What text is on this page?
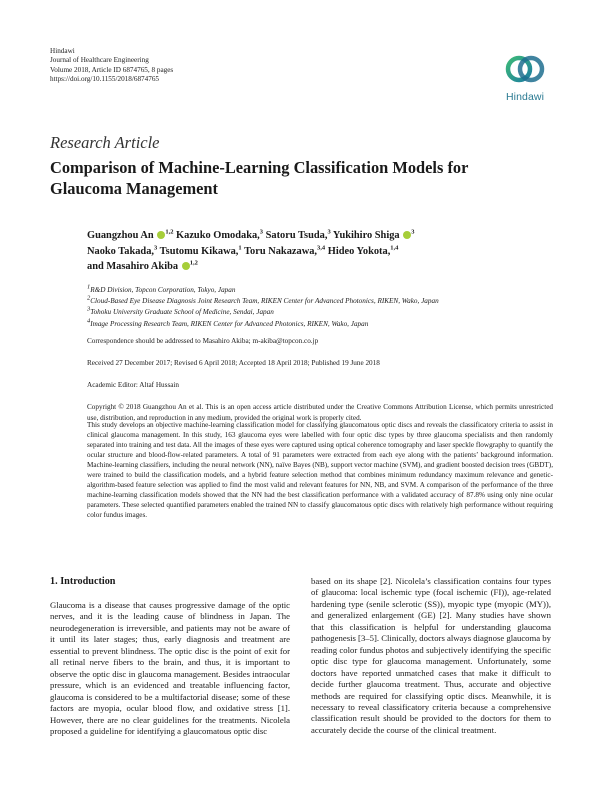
Hindawi
Journal of Healthcare Engineering
Volume 2018, Article ID 6874765, 8 pages
https://doi.org/10.1155/2018/6874765
Hindawi
Research Article
Comparison of Machine-Learning Classification Models for
Glaucoma Management
Guangzhou An $^{1,2}$ Kazuko Omodaka,$^3$ Satoru Tsuda,$^3$ Yukihiro Shiga $^3$
Naoko Takada,$^3$ Tsutomu Kikawa,$^1$ Toru Nakazawa,$^{3,4}$ Hideo Yokota,$^{1,4}$
and Masahiro Akiba $^{1,2}$
$^1$R&D Division, Topcon Corporation, Tokyo, Japan
$^2$Cloud-Based Eye Disease Diagnosis Joint Research Team, RIKEN Center for Advanced Photonics, RIKEN, Wako, Japan
$^3$Tohoku University Graduate School of Medicine, Sendai, Japan
$^4$Image Processing Research Team, RIKEN Center for Advanced Photonics, RIKEN, Wako, Japan
Correspondence should be addressed to Masahiro Akiba; m-akiba@topcon.co.jp
Received 27 December 2017; Revised 6 April 2018; Accepted 18 April 2018; Published 19 June 2018
Academic Editor: Altaf Hussain
Copyright © 2018 Guangzhou An et al. This is an open access article distributed under the Creative Commons Attribution License, which permits unrestricted use, distribution, and reproduction in any medium, provided the original work is properly cited.
This study develops an objective machine-learning classification model for classifying glaucomatous optic discs and reveals the classificatory criteria to assist in clinical glaucoma management. In this study, 163 glaucoma eyes were labelled with four optic disc types by three glaucoma specialists and then randomly separated into training and test data. All the images of these eyes were captured using optical coherence tomography and laser speckle flowgraphy to quantify the ocular structure and blood-flow-related parameters. A total of 91 parameters were extracted from each eye along with the patients’ background information. Machine-learning classifiers, including the neural network (NN), naïve Bayes (NB), support vector machine (SVM), and gradient boosted decision trees (GBDT), were trained to build the classification models, and a hybrid feature selection method that combines minimum redundancy maximum relevance and genetic-algorithm-based feature selection was applied to find the most valid and relevant features for NN, NB, and SVM. A comparison of the performance of the three machine-learning classification models showed that the NN had the best classification performance with a validated accuracy of 87.8% using only nine ocular parameters. These selected quantified parameters enabled the trained NN to classify glaucomatous optic discs with relatively high performance without requiring color fundus images.
1. Introduction
Glaucoma is a disease that causes progressive damage of the optic nerves, and it is the leading cause of blindness in Japan. The neurodegeneration is irreversible, and patients may not be aware of it until its later stages; thus, early diagnosis and treatment are essential to prevent blindness. The optic disc is the point of exit for all retinal nerve fibers to the brain, and thus, it is important to observe the optic disc in glaucoma management. Besides intraocular pressure, which is an evidenced and treatable influencing factor, glaucoma is considered to be a multifactorial disease; some of these factors are myopia, ocular blood flow, and oxidative stress [1]. However, there are no clear guidelines for the treatments. Nicolela proposed a guideline for identifying a glaucomatous optic disc
based on its shape [2]. Nicolela’s classification contains four types of glaucoma: local ischemic type (focal ischemic (FI)), age-related hardening type (senile sclerotic (SS)), myopic type (myopic (MY)), and generalized enlargement (GE) [2]. Many studies have shown that this classification is helpful for understanding glaucoma pathogenesis [3–5]. Clinically, doctors always diagnose glaucoma by reading color fundus photos and subjectively identifying the specific optic disc type for glaucoma management. Unfortunately, some doctors have reported unmatched cases that make it difficult to decide further glaucoma treatment. Thus, accurate and objective methods are required for classifying optic discs. Meanwhile, it is necessary to reveal classificatory criteria because a comprehensive classification result should be provided to the doctors for them to accurately decide the course of the clinical treatment.
